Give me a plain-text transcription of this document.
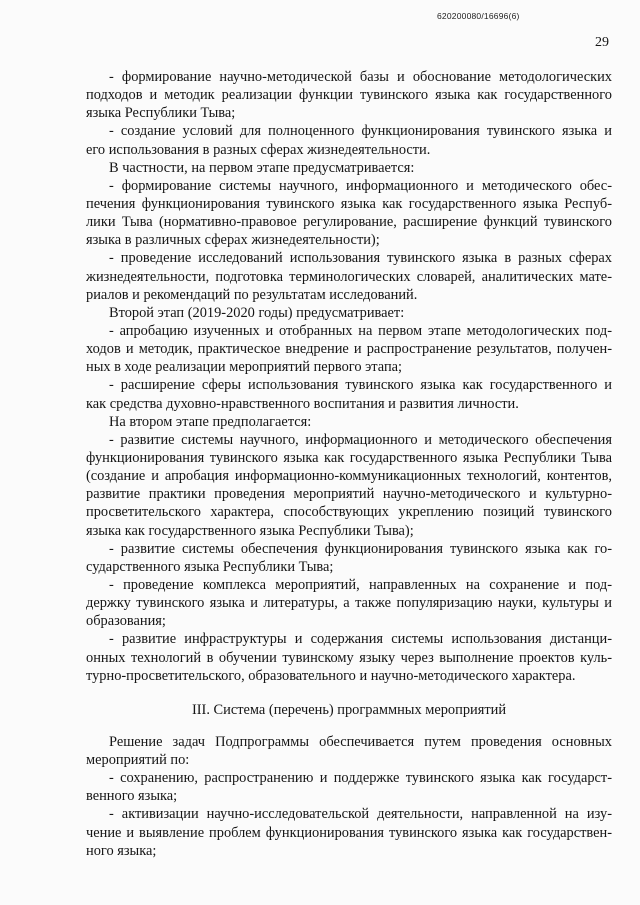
620200080/16696(6)
29
- формирование научно-методической базы и обоснование методологических
подходов и методик реализации функции тувинского языка как государственного
языка Республики Тыва;
- создание условий для полноценного функционирования тувинского языка и
его использования в разных сферах жизнедеятельности.
В частности, на первом этапе предусматривается:
- формирование системы научного, информационного и методического обес-
печения функционирования тувинского языка как государственного языка Респуб-
лики Тыва (нормативно-правовое регулирование, расширение функций тувинского
языка в различных сферах жизнедеятельности);
- проведение исследований использования тувинского языка в разных сферах
жизнедеятельности, подготовка терминологических словарей, аналитических мате-
риалов и рекомендаций по результатам исследований.
Второй этап (2019-2020 годы) предусматривает:
- апробацию изученных и отобранных на первом этапе методологических под-
ходов и методик, практическое внедрение и распространение результатов, получен-
ных в ходе реализации мероприятий первого этапа;
- расширение сферы использования тувинского языка как государственного и
как средства духовно-нравственного воспитания и развития личности.
На втором этапе предполагается:
- развитие системы научного, информационного и методического обеспечения
функционирования тувинского языка как государственного языка Республики Тыва
(создание и апробация информационно-коммуникационных технологий, контентов,
развитие практики проведения мероприятий научно-методического и культурно-
просветительского характера, способствующих укреплению позиций тувинского
языка как государственного языка Республики Тыва);
- развитие системы обеспечения функционирования тувинского языка как го-
сударственного языка Республики Тыва;
- проведение комплекса мероприятий, направленных на сохранение и под-
держку тувинского языка и литературы, а также популяризацию науки, культуры и
образования;
- развитие инфраструктуры и содержания системы использования дистанци-
онных технологий в обучении тувинскому языку через выполнение проектов куль-
турно-просветительского, образовательного и научно-методического характера.
III. Система (перечень) программных мероприятий
Решение задач Подпрограммы обеспечивается путем проведения основных
мероприятий по:
- сохранению, распространению и поддержке тувинского языка как государст-
венного языка;
- активизации научно-исследовательской деятельности, направленной на изу-
чение и выявление проблем функционирования тувинского языка как государствен-
ного языка;
